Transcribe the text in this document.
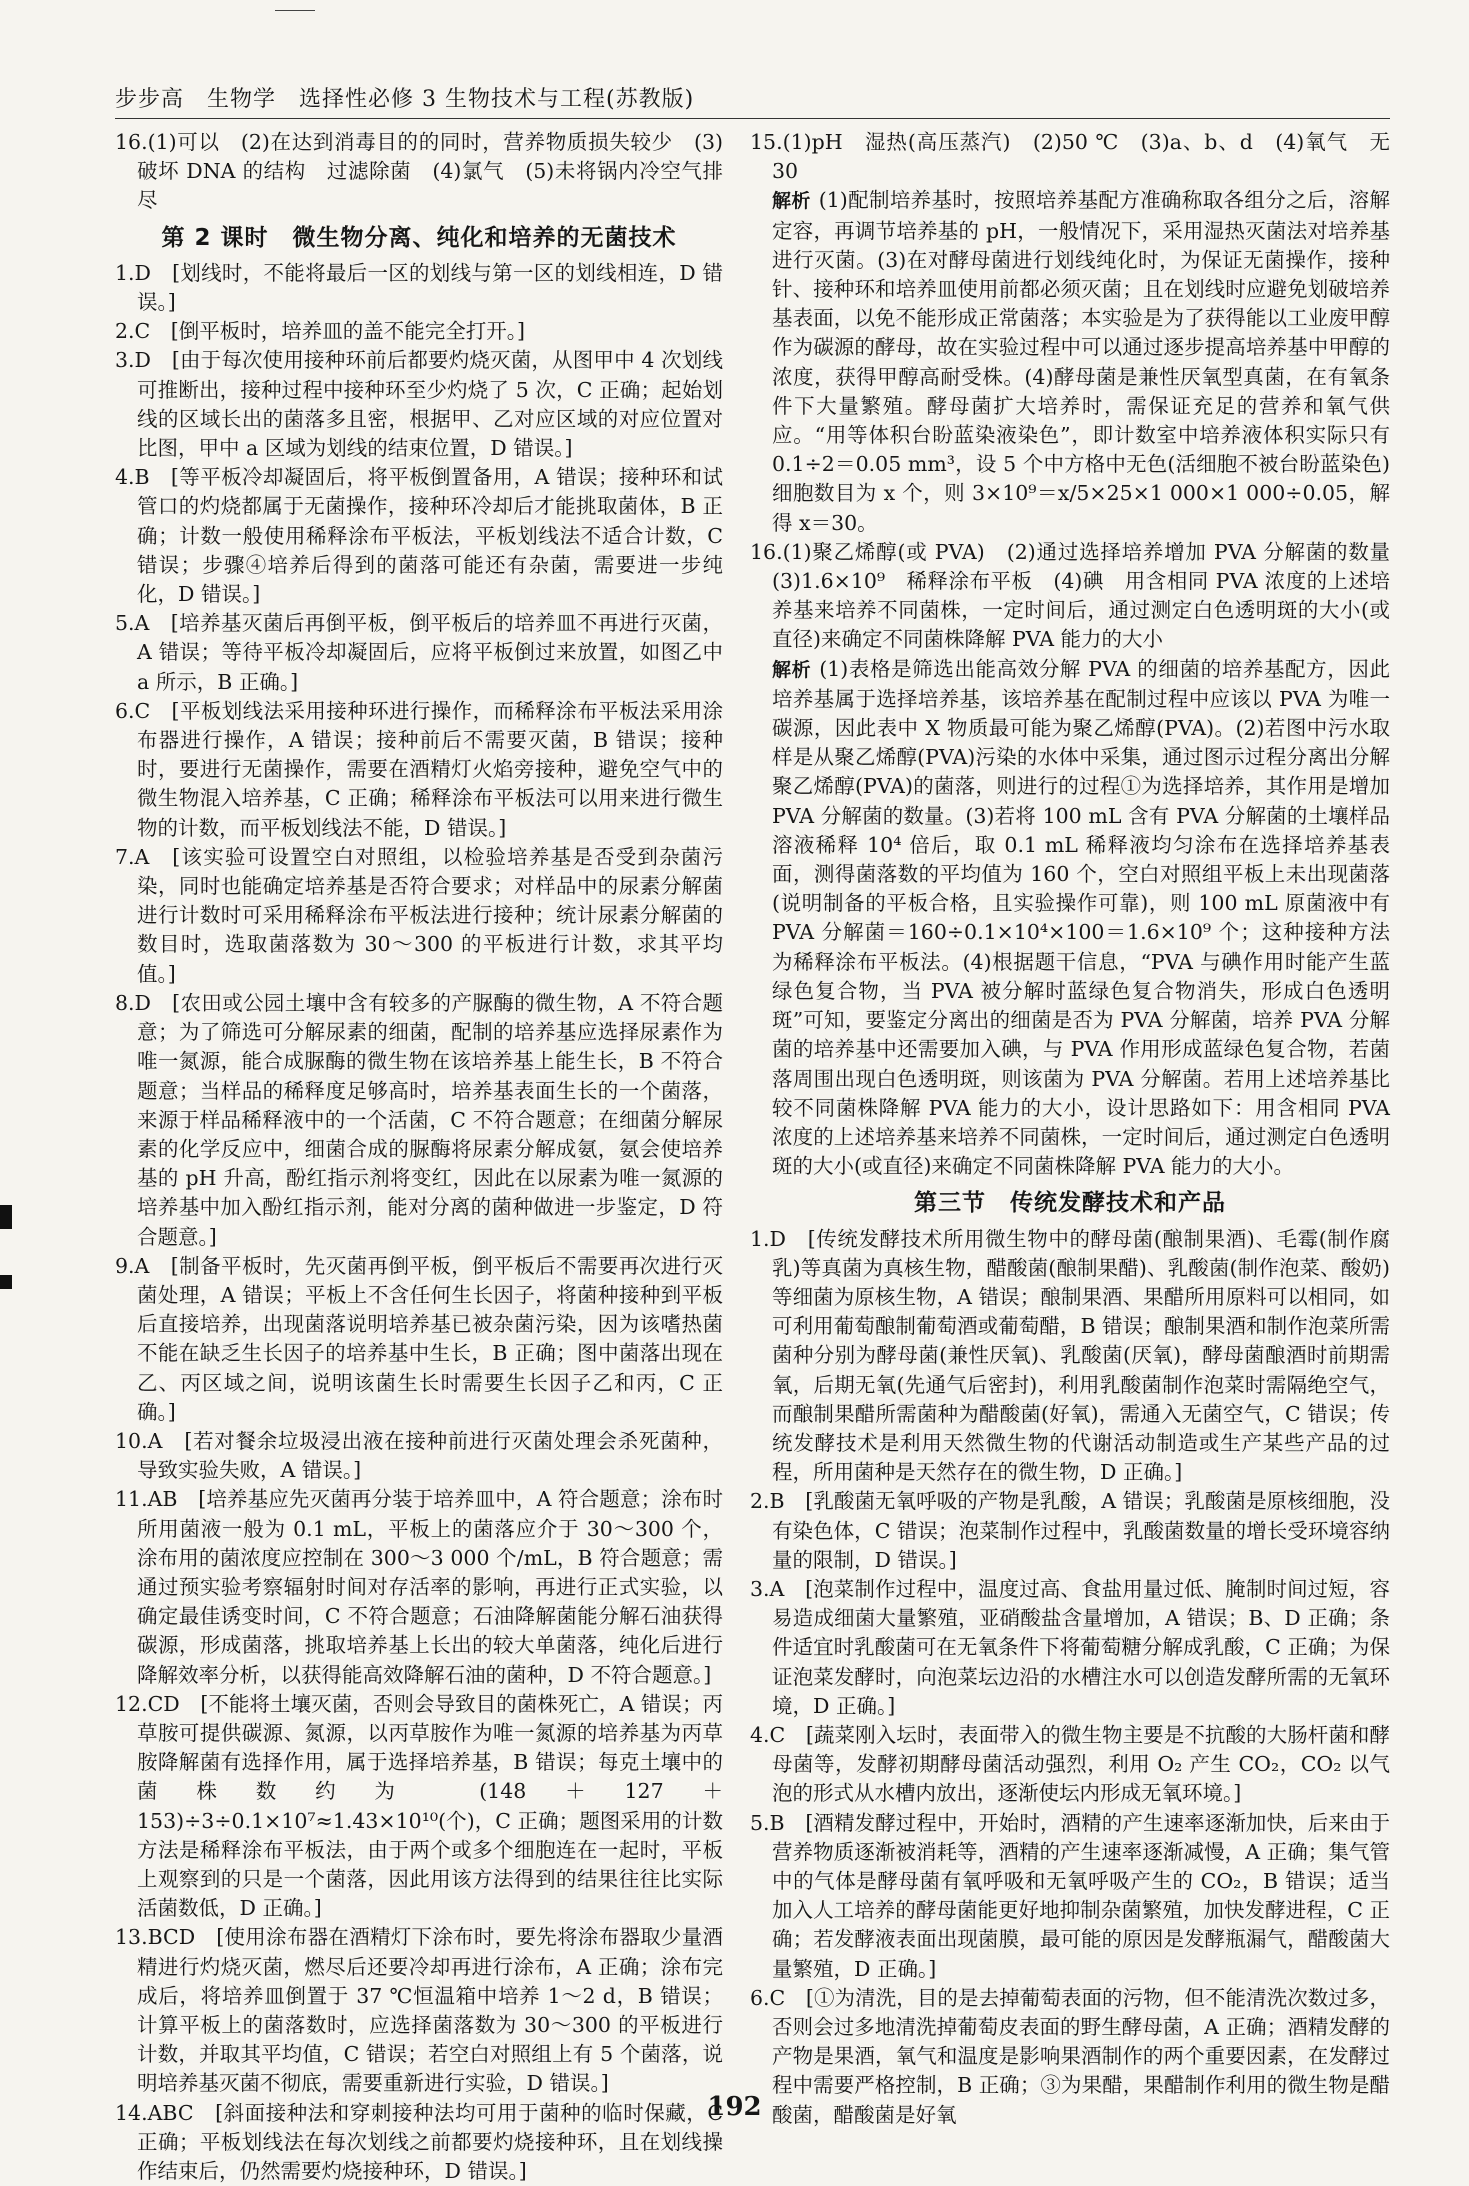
步步高　生物学　选择性必修 3 生物技术与工程(苏教版)

16.(1)可以　(2)在达到消毒目的的同时，营养物质损失较少　(3)破坏 DNA 的结构　过滤除菌　(4)氯气　(5)未将锅内冷空气排尽

第 2 课时　微生物分离、纯化和培养的无菌技术

1.D　[划线时，不能将最后一区的划线与第一区的划线相连，D 错误。]

2.C　[倒平板时，培养皿的盖不能完全打开。]

3.D　[由于每次使用接种环前后都要灼烧灭菌，从图甲中 4 次划线可推断出，接种过程中接种环至少灼烧了 5 次，C 正确；起始划线的区域长出的菌落多且密，根据甲、乙对应区域的对应位置对比图，甲中 a 区域为划线的结束位置，D 错误。]

4.B　[等平板冷却凝固后，将平板倒置备用，A 错误；接种环和试管口的灼烧都属于无菌操作，接种环冷却后才能挑取菌体，B 正确；计数一般使用稀释涂布平板法，平板划线法不适合计数，C 错误；步骤④培养后得到的菌落可能还有杂菌，需要进一步纯化，D 错误。]

5.A　[培养基灭菌后再倒平板，倒平板后的培养皿不再进行灭菌，A 错误；等待平板冷却凝固后，应将平板倒过来放置，如图乙中 a 所示，B 正确。]

6.C　[平板划线法采用接种环进行操作，而稀释涂布平板法采用涂布器进行操作，A 错误；接种前后不需要灭菌，B 错误；接种时，要进行无菌操作，需要在酒精灯火焰旁接种，避免空气中的微生物混入培养基，C 正确；稀释涂布平板法可以用来进行微生物的计数，而平板划线法不能，D 错误。]

7.A　[该实验可设置空白对照组，以检验培养基是否受到杂菌污染，同时也能确定培养基是否符合要求；对样品中的尿素分解菌进行计数时可采用稀释涂布平板法进行接种；统计尿素分解菌的数目时，选取菌落数为 30～300 的平板进行计数，求其平均值。]

8.D　[农田或公园土壤中含有较多的产脲酶的微生物，A 不符合题意；为了筛选可分解尿素的细菌，配制的培养基应选择尿素作为唯一氮源，能合成脲酶的微生物在该培养基上能生长，B 不符合题意；当样品的稀释度足够高时，培养基表面生长的一个菌落，来源于样品稀释液中的一个活菌，C 不符合题意；在细菌分解尿素的化学反应中，细菌合成的脲酶将尿素分解成氨，氨会使培养基的 pH 升高，酚红指示剂将变红，因此在以尿素为唯一氮源的培养基中加入酚红指示剂，能对分离的菌种做进一步鉴定，D 符合题意。]

9.A　[制备平板时，先灭菌再倒平板，倒平板后不需要再次进行灭菌处理，A 错误；平板上不含任何生长因子，将菌种接种到平板后直接培养，出现菌落说明培养基已被杂菌污染，因为该嗜热菌不能在缺乏生长因子的培养基中生长，B 正确；图中菌落出现在乙、丙区域之间，说明该菌生长时需要生长因子乙和丙，C 正确。]

10.A　[若对餐余垃圾浸出液在接种前进行灭菌处理会杀死菌种，导致实验失败，A 错误。]

11.AB　[培养基应先灭菌再分装于培养皿中，A 符合题意；涂布时所用菌液一般为 0.1 mL，平板上的菌落应介于 30～300 个，涂布用的菌浓度应控制在 300～3 000 个/mL，B 符合题意；需通过预实验考察辐射时间对存活率的影响，再进行正式实验，以确定最佳诱变时间，C 不符合题意；石油降解菌能分解石油获得碳源，形成菌落，挑取培养基上长出的较大单菌落，纯化后进行降解效率分析，以获得能高效降解石油的菌种，D 不符合题意。]

12.CD　[不能将土壤灭菌，否则会导致目的菌株死亡，A 错误；丙草胺可提供碳源、氮源，以丙草胺作为唯一氮源的培养基为丙草胺降解菌有选择作用，属于选择培养基，B 错误；每克土壤中的菌株数约为 (148＋127＋153)÷3÷0.1×10⁷≈1.43×10¹⁰(个)，C 正确；题图采用的计数方法是稀释涂布平板法，由于两个或多个细胞连在一起时，平板上观察到的只是一个菌落，因此用该方法得到的结果往往比实际活菌数低，D 正确。]

13.BCD　[使用涂布器在酒精灯下涂布时，要先将涂布器取少量酒精进行灼烧灭菌，燃尽后还要冷却再进行涂布，A 正确；涂布完成后，将培养皿倒置于 37 ℃恒温箱中培养 1～2 d，B 错误；计算平板上的菌落数时，应选择菌落数为 30～300 的平板进行计数，并取其平均值，C 错误；若空白对照组上有 5 个菌落，说明培养基灭菌不彻底，需要重新进行实验，D 错误。]

14.ABC　[斜面接种法和穿刺接种法均可用于菌种的临时保藏，C 正确；平板划线法在每次划线之前都要灼烧接种环，且在划线操作结束后，仍然需要灼烧接种环，D 错误。]

15.(1)pH　湿热(高压蒸汽)　(2)50 ℃　(3)a、b、d　(4)氧气　无　30

解析 (1)配制培养基时，按照培养基配方准确称取各组分之后，溶解定容，再调节培养基的 pH，一般情况下，采用湿热灭菌法对培养基进行灭菌。(3)在对酵母菌进行划线纯化时，为保证无菌操作，接种针、接种环和培养皿使用前都必须灭菌；且在划线时应避免划破培养基表面，以免不能形成正常菌落；本实验是为了获得能以工业废甲醇作为碳源的酵母，故在实验过程中可以通过逐步提高培养基中甲醇的浓度，获得甲醇高耐受株。(4)酵母菌是兼性厌氧型真菌，在有氧条件下大量繁殖。酵母菌扩大培养时，需保证充足的营养和氧气供应。“用等体积台盼蓝染液染色”，即计数室中培养液体积实际只有 0.1÷2＝0.05 mm³，设 5 个中方格中无色(活细胞不被台盼蓝染色)细胞数目为 x 个，则 3×10⁹＝x/5×25×1 000×1 000÷0.05，解得 x＝30。

16.(1)聚乙烯醇(或 PVA)　(2)通过选择培养增加 PVA 分解菌的数量　(3)1.6×10⁹　稀释涂布平板　(4)碘　用含相同 PVA 浓度的上述培养基来培养不同菌株，一定时间后，通过测定白色透明斑的大小(或直径)来确定不同菌株降解 PVA 能力的大小

解析 (1)表格是筛选出能高效分解 PVA 的细菌的培养基配方，因此培养基属于选择培养基，该培养基在配制过程中应该以 PVA 为唯一碳源，因此表中 X 物质最可能为聚乙烯醇(PVA)。(2)若图中污水取样是从聚乙烯醇(PVA)污染的水体中采集，通过图示过程分离出分解聚乙烯醇(PVA)的菌落，则进行的过程①为选择培养，其作用是增加 PVA 分解菌的数量。(3)若将 100 mL 含有 PVA 分解菌的土壤样品溶液稀释 10⁴ 倍后，取 0.1 mL 稀释液均匀涂布在选择培养基表面，测得菌落数的平均值为 160 个，空白对照组平板上未出现菌落(说明制备的平板合格，且实验操作可靠)，则 100 mL 原菌液中有 PVA 分解菌＝160÷0.1×10⁴×100＝1.6×10⁹ 个；这种接种方法为稀释涂布平板法。(4)根据题干信息，“PVA 与碘作用时能产生蓝绿色复合物，当 PVA 被分解时蓝绿色复合物消失，形成白色透明斑”可知，要鉴定分离出的细菌是否为 PVA 分解菌，培养 PVA 分解菌的培养基中还需要加入碘，与 PVA 作用形成蓝绿色复合物，若菌落周围出现白色透明斑，则该菌为 PVA 分解菌。若用上述培养基比较不同菌株降解 PVA 能力的大小，设计思路如下：用含相同 PVA 浓度的上述培养基来培养不同菌株，一定时间后，通过测定白色透明斑的大小(或直径)来确定不同菌株降解 PVA 能力的大小。

第三节　传统发酵技术和产品

1.D　[传统发酵技术所用微生物中的酵母菌(酿制果酒)、毛霉(制作腐乳)等真菌为真核生物，醋酸菌(酿制果醋)、乳酸菌(制作泡菜、酸奶)等细菌为原核生物，A 错误；酿制果酒、果醋所用原料可以相同，如可利用葡萄酿制葡萄酒或葡萄醋，B 错误；酿制果酒和制作泡菜所需菌种分别为酵母菌(兼性厌氧)、乳酸菌(厌氧)，酵母菌酿酒时前期需氧，后期无氧(先通气后密封)，利用乳酸菌制作泡菜时需隔绝空气，而酿制果醋所需菌种为醋酸菌(好氧)，需通入无菌空气，C 错误；传统发酵技术是利用天然微生物的代谢活动制造或生产某些产品的过程，所用菌种是天然存在的微生物，D 正确。]

2.B　[乳酸菌无氧呼吸的产物是乳酸，A 错误；乳酸菌是原核细胞，没有染色体，C 错误；泡菜制作过程中，乳酸菌数量的增长受环境容纳量的限制，D 错误。]

3.A　[泡菜制作过程中，温度过高、食盐用量过低、腌制时间过短，容易造成细菌大量繁殖，亚硝酸盐含量增加，A 错误；B、D 正确；条件适宜时乳酸菌可在无氧条件下将葡萄糖分解成乳酸，C 正确；为保证泡菜发酵时，向泡菜坛边沿的水槽注水可以创造发酵所需的无氧环境，D 正确。]

4.C　[蔬菜刚入坛时，表面带入的微生物主要是不抗酸的大肠杆菌和酵母菌等，发酵初期酵母菌活动强烈，利用 O₂ 产生 CO₂，CO₂ 以气泡的形式从水槽内放出，逐渐使坛内形成无氧环境。]

5.B　[酒精发酵过程中，开始时，酒精的产生速率逐渐加快，后来由于营养物质逐渐被消耗等，酒精的产生速率逐渐减慢，A 正确；集气管中的气体是酵母菌有氧呼吸和无氧呼吸产生的 CO₂，B 错误；适当加入人工培养的酵母菌能更好地抑制杂菌繁殖，加快发酵进程，C 正确；若发酵液表面出现菌膜，最可能的原因是发酵瓶漏气，醋酸菌大量繁殖，D 正确。]

6.C　[①为清洗，目的是去掉葡萄表面的污物，但不能清洗次数过多，否则会过多地清洗掉葡萄皮表面的野生酵母菌，A 正确；酒精发酵的产物是果酒，氧气和温度是影响果酒制作的两个重要因素，在发酵过程中需要严格控制，B 正确；③为果醋，果醋制作利用的微生物是醋酸菌，醋酸菌是好氧

192
